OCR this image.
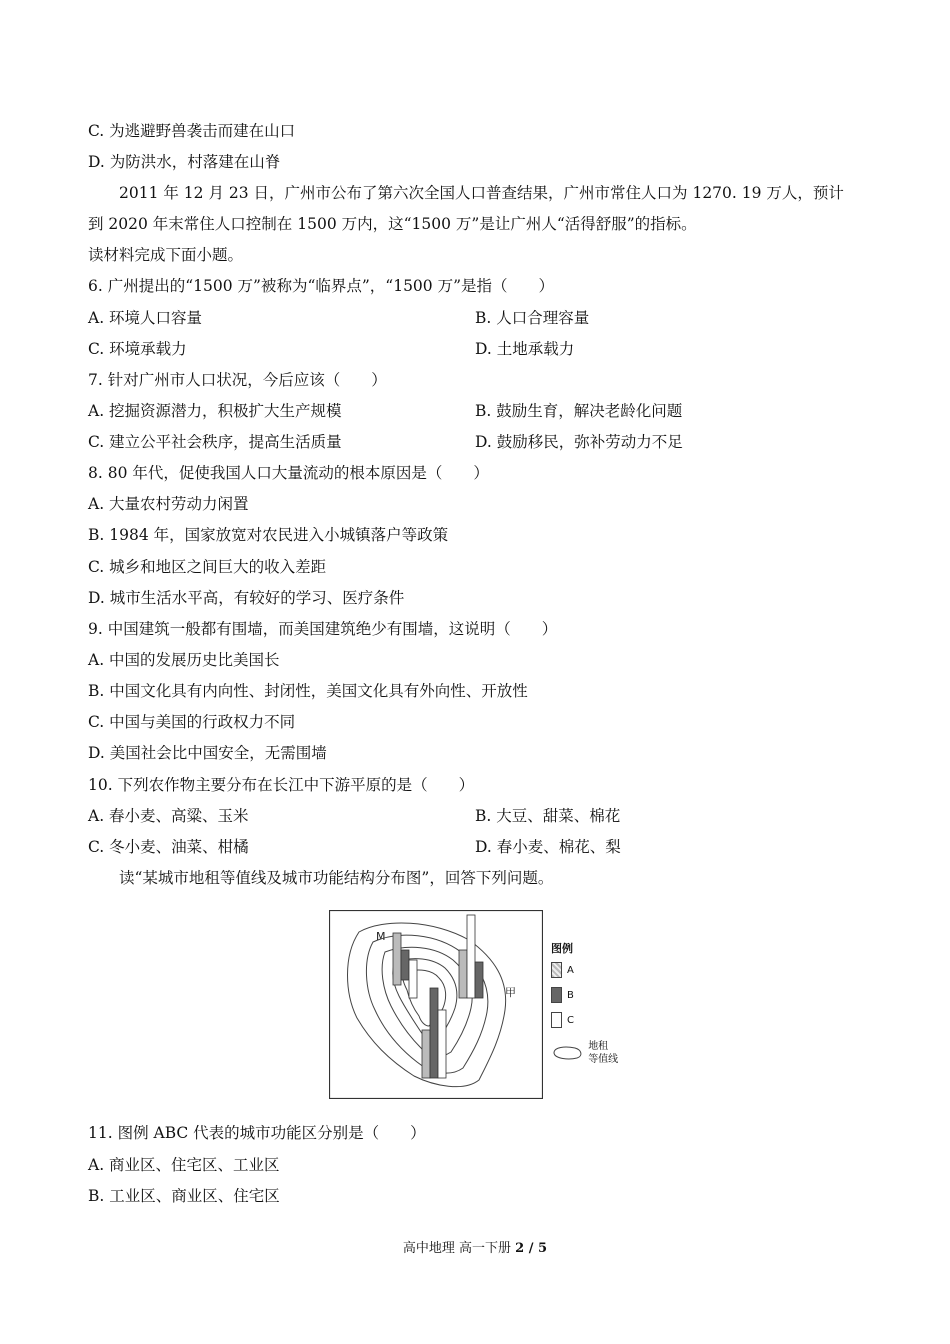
C. 为逃避野兽袭击而建在山口
D. 为防洪水，村落建在山脊
2011 年 12 月 23 日，广州市公布了第六次全国人口普查结果，广州市常住人口为 1270. 19 万人，预计
到 2020 年末常住人口控制在 1500 万内，这“1500 万”是让广州人“活得舒服”的指标。
读材料完成下面小题。
6. 广州提出的“1500 万”被称为“临界点”，“1500 万”是指（　　）
A. 环境人口容量	B. 人口合理容量
C. 环境承载力	D. 土地承载力
7. 针对广州市人口状况，今后应该（　　）
A. 挖掘资源潜力，积极扩大生产规模	B. 鼓励生育，解决老龄化问题
C. 建立公平社会秩序，提高生活质量	D. 鼓励移民，弥补劳动力不足
8. 80 年代，促使我国人口大量流动的根本原因是（　　）
A. 大量农村劳动力闲置
B. 1984 年，国家放宽对农民进入小城镇落户等政策
C. 城乡和地区之间巨大的收入差距
D. 城市生活水平高，有较好的学习、医疗条件
9. 中国建筑一般都有围墙，而美国建筑绝少有围墙，这说明（　　）
A. 中国的发展历史比美国长
B. 中国文化具有内向性、封闭性，美国文化具有外向性、开放性
C. 中国与美国的行政权力不同
D. 美国社会比中国安全，无需围墙
10. 下列农作物主要分布在长江中下游平原的是（　　）
A. 春小麦、高粱、玉米	B. 大豆、甜菜、棉花
C. 冬小麦、油菜、柑橘	D. 春小麦、棉花、梨
读“某城市地租等值线及城市功能结构分布图”，回答下列问题。
M
甲
图例
A
B
C
地租
等值线
11. 图例 ABC 代表的城市功能区分别是（　　）
A. 商业区、住宅区、工业区
B. 工业区、商业区、住宅区
高中地理 高一下册 2 / 5
